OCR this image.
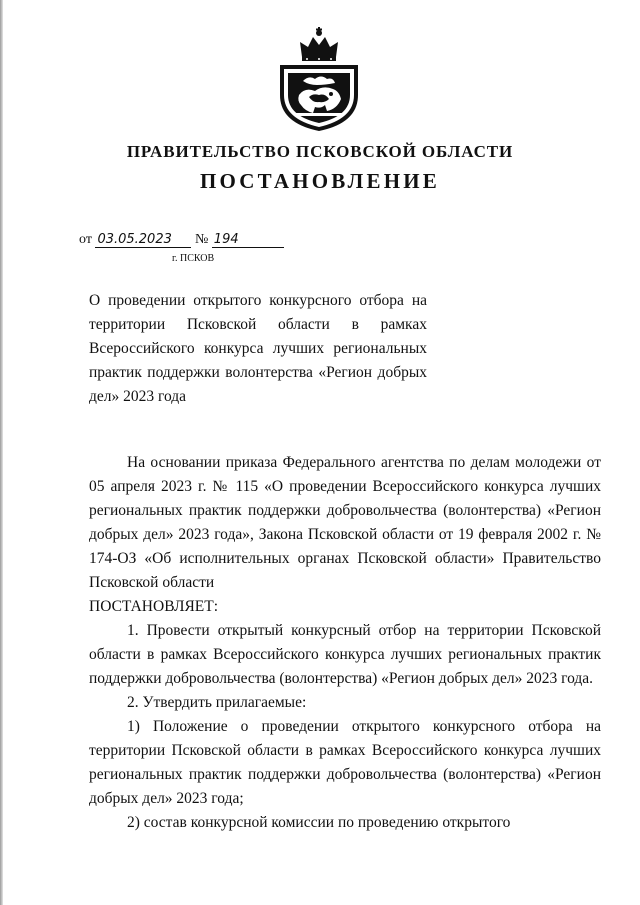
ПРАВИТЕЛЬСТВО ПСКОВСКОЙ ОБЛАСТИ
ПОСТАНОВЛЕНИЕ
от 03.05.2023 № 194
г. ПСКОВ
О проведении открытого конкурсного отбора на территории Псковской области в рамках Всероссийского конкурса лучших региональных практик поддержки волонтерства «Регион добрых дел» 2023 года

На основании приказа Федерального агентства по делам молодежи от 05 апреля 2023 г. № 115 «О проведении Всероссийского конкурса лучших региональных практик поддержки добровольчества (волонтерства) «Регион добрых дел» 2023 года», Закона Псковской области от 19 февраля 2002 г. № 174-ОЗ «Об исполнительных органах Псковской области» Правительство Псковской области

ПОСТАНОВЛЯЕТ:

1. Провести открытый конкурсный отбор на территории Псковской области в рамках Всероссийского конкурса лучших региональных практик поддержки добровольчества (волонтерства) «Регион добрых дел» 2023 года.

2. Утвердить прилагаемые:

1) Положение о проведении открытого конкурсного отбора на территории Псковской области в рамках Всероссийского конкурса лучших региональных практик поддержки добровольчества (волонтерства) «Регион добрых дел» 2023 года;

2) состав конкурсной комиссии по проведению открытого
